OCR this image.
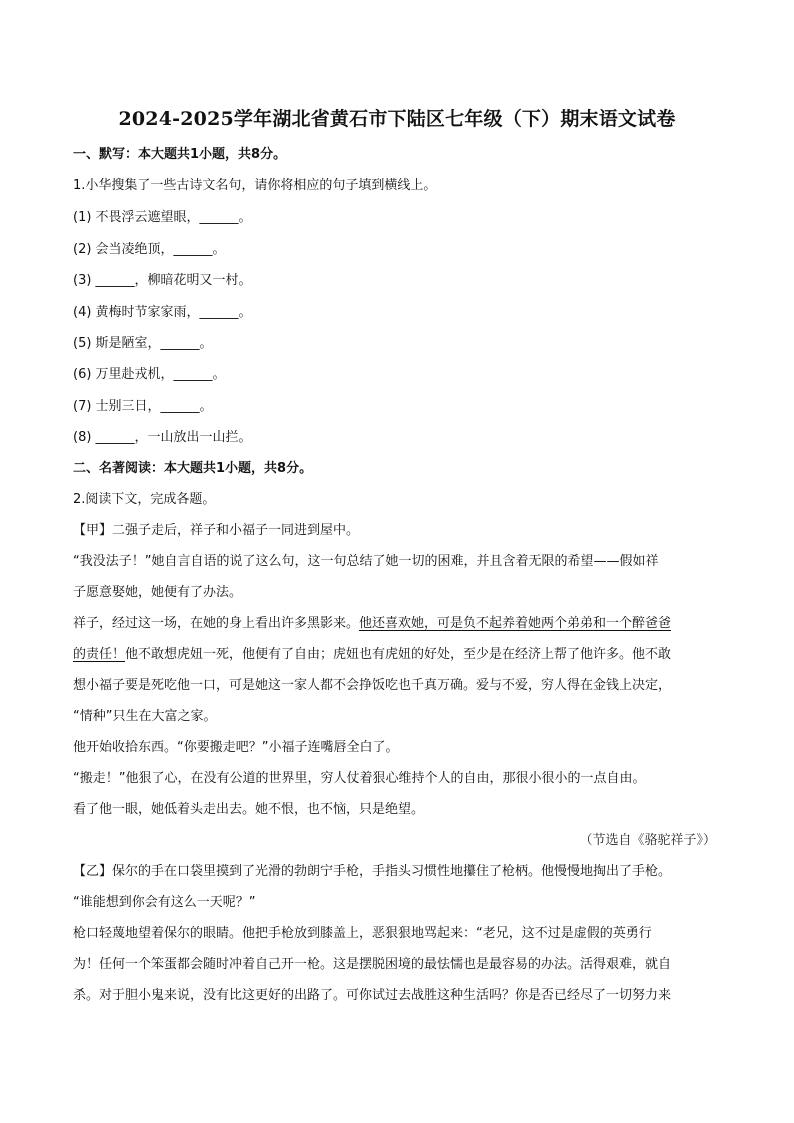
2024-2025学年湖北省黄石市下陆区七年级（下）期末语文试卷
一、默写：本大题共1小题，共8分。
1.小华搜集了一些古诗文名句，请你将相应的句子填到横线上。
(1) 不畏浮云遮望眼，______。
(2) 会当凌绝顶，______。
(3) ______，柳暗花明又一村。
(4) 黄梅时节家家雨，______。
(5) 斯是陋室，______。
(6) 万里赴戎机，______。
(7) 士别三日，______。
(8) ______，一山放出一山拦。
二、名著阅读：本大题共1小题，共8分。
2.阅读下文，完成各题。
【甲】二强子走后，祥子和小福子一同进到屋中。
“我没法子！”她自言自语的说了这么句，这一句总结了她一切的困难，并且含着无限的希望——假如祥
子愿意娶她，她便有了办法。
祥子，经过这一场，在她的身上看出许多黑影来。他还喜欢她，可是负不起养着她两个弟弟和一个醉爸爸
的责任！他不敢想虎妞一死，他便有了自由；虎妞也有虎妞的好处，至少是在经济上帮了他许多。他不敢
想小福子要是死吃他一口，可是她这一家人都不会挣饭吃也千真万确。爱与不爱，穷人得在金钱上决定，
“情种”只生在大富之家。
他开始收拾东西。“你要搬走吧？”小福子连嘴唇全白了。
“搬走！”他狠了心，在没有公道的世界里，穷人仗着狠心维持个人的自由，那很小很小的一点自由。
看了他一眼，她低着头走出去。她不恨，也不恼，只是绝望。
（节选自《骆驼祥子》）
【乙】保尔的手在口袋里摸到了光滑的勃朗宁手枪，手指头习惯性地攥住了枪柄。他慢慢地掏出了手枪。
“谁能想到你会有这么一天呢？”
枪口轻蔑地望着保尔的眼睛。他把手枪放到膝盖上，恶狠狠地骂起来：“老兄，这不过是虚假的英勇行
为！任何一个笨蛋都会随时冲着自己开一枪。这是摆脱困境的最怯懦也是最容易的办法。活得艰难，就自
杀。对于胆小鬼来说，没有比这更好的出路了。可你试过去战胜这种生活吗？你是否已经尽了一切努力来
